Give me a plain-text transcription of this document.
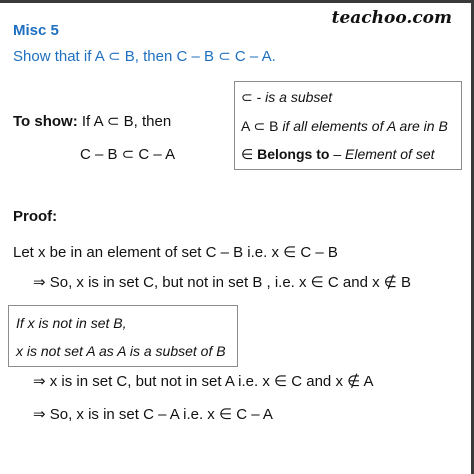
Misc 5
Show that if A ⊂ B, then C – B ⊂ C – A.
teachoo.com
To show: If A ⊂ B, then
C – B ⊂ C – A
⊂ - is a subset
A ⊂ B if all elements of A are in B
∈ Belongs to – Element of set
Proof:
Let x be in an element of set C – B i.e. x ∈ C – B
⇒ So, x is in set C, but not in set B , i.e. x ∈ C and x ∉ B
If x is not in set B,
x is not set A as A is a subset of B
⇒ x is in set C, but not in set A i.e. x ∈ C and x ∉ A
⇒ So, x is in set C – A i.e. x ∈ C – A
